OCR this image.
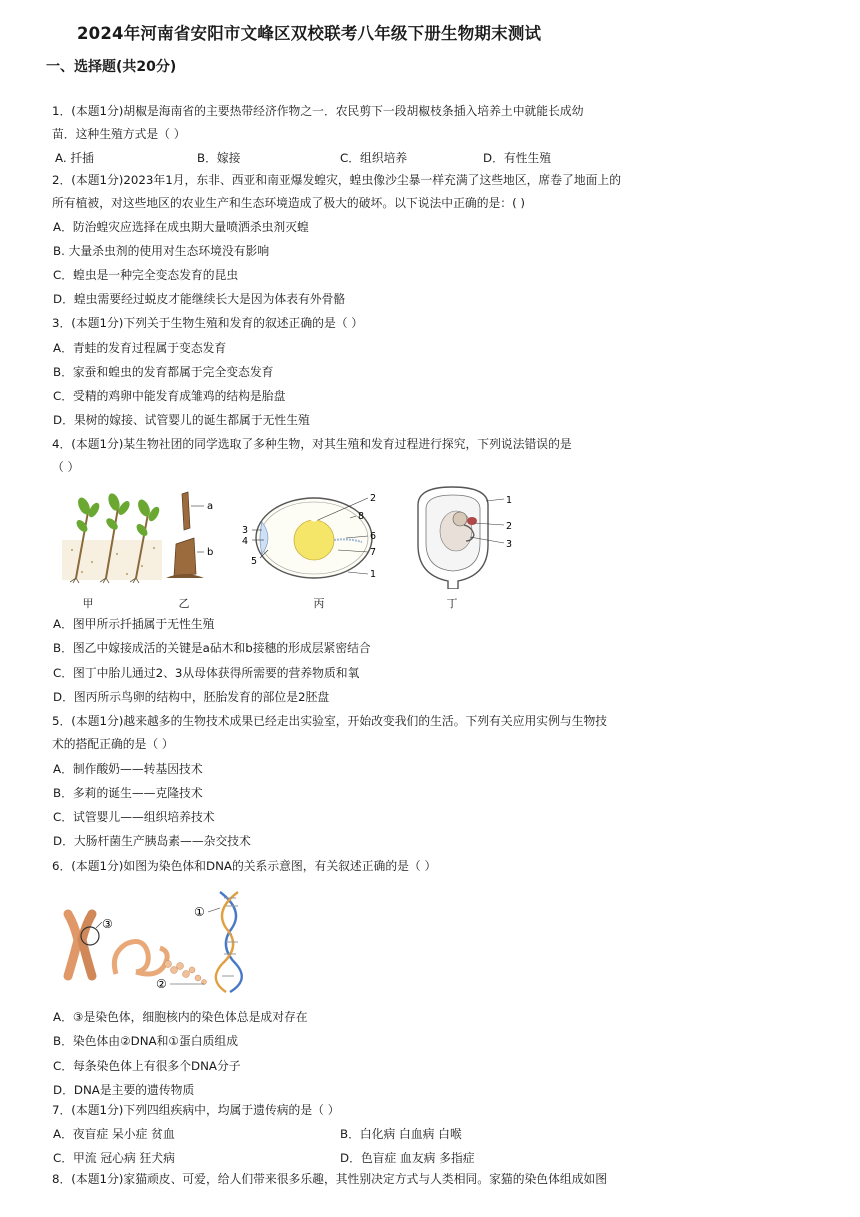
2024年河南省安阳市文峰区双校联考八年级下册生物期末测试
一、选择题(共20分)
1．(本题1分)胡椒是海南省的主要热带经济作物之一．农民剪下一段胡椒枝条插入培养土中就能长成幼
苗．这种生殖方式是（ ）
A. 扦插	B．嫁接	C．组织培养	D．有性生殖
2．(本题1分)2023年1月，东非、西亚和南亚爆发蝗灾，蝗虫像沙尘暴一样充满了这些地区，席卷了地面上的
所有植被，对这些地区的农业生产和生态环境造成了极大的破坏。以下说法中正确的是：( )
A．防治蝗灾应选择在成虫期大量喷洒杀虫剂灭蝗
B. 大量杀虫剂的使用对生态环境没有影响
C．蝗虫是一种完全变态发育的昆虫
D．蝗虫需要经过蜕皮才能继续长大是因为体表有外骨骼
3．(本题1分)下列关于生物生殖和发育的叙述正确的是（ ）
A．青蛙的发育过程属于变态发育
B．家蚕和蝗虫的发育都属于完全变态发育
C．受精的鸡卵中能发育成雏鸡的结构是胎盘
D．果树的嫁接、试管婴儿的诞生都属于无性生殖
4．(本题1分)某生物社团的同学选取了多种生物，对其生殖和发育过程进行探究，下列说法错误的是
（ ）
甲
a
b
乙
2
8
3
4	6
5
7
1
丙
1
2
3
丁
A．图甲所示扦插属于无性生殖
B．图乙中嫁接成活的关键是a砧木和b接穗的形成层紧密结合
C．图丁中胎儿通过2、3从母体获得所需要的营养物质和氧
D．图丙所示鸟卵的结构中，胚胎发育的部位是2胚盘
5．(本题1分)越来越多的生物技术成果已经走出实验室，开始改变我们的生活。下列有关应用实例与生物技
术的搭配正确的是（ ）
A．制作酸奶——转基因技术
B．多莉的诞生——克隆技术
C．试管婴儿——组织培养技术
D．大肠杆菌生产胰岛素——杂交技术
6．(本题1分)如图为染色体和DNA的关系示意图，有关叙述正确的是（ ）
③
①
②
A．③是染色体，细胞核内的染色体总是成对存在
B．染色体由②DNA和①蛋白质组成
C．每条染色体上有很多个DNA分子
D．DNA是主要的遗传物质
7．(本题1分)下列四组疾病中，均属于遗传病的是（ ）
A．夜盲症 呆小症 贫血	B．白化病 白血病 白喉
C．甲流 冠心病 狂犬病	D．色盲症 血友病 多指症
8．(本题1分)家猫顽皮、可爱，给人们带来很多乐趣，其性别决定方式与人类相同。家猫的染色体组成如图
